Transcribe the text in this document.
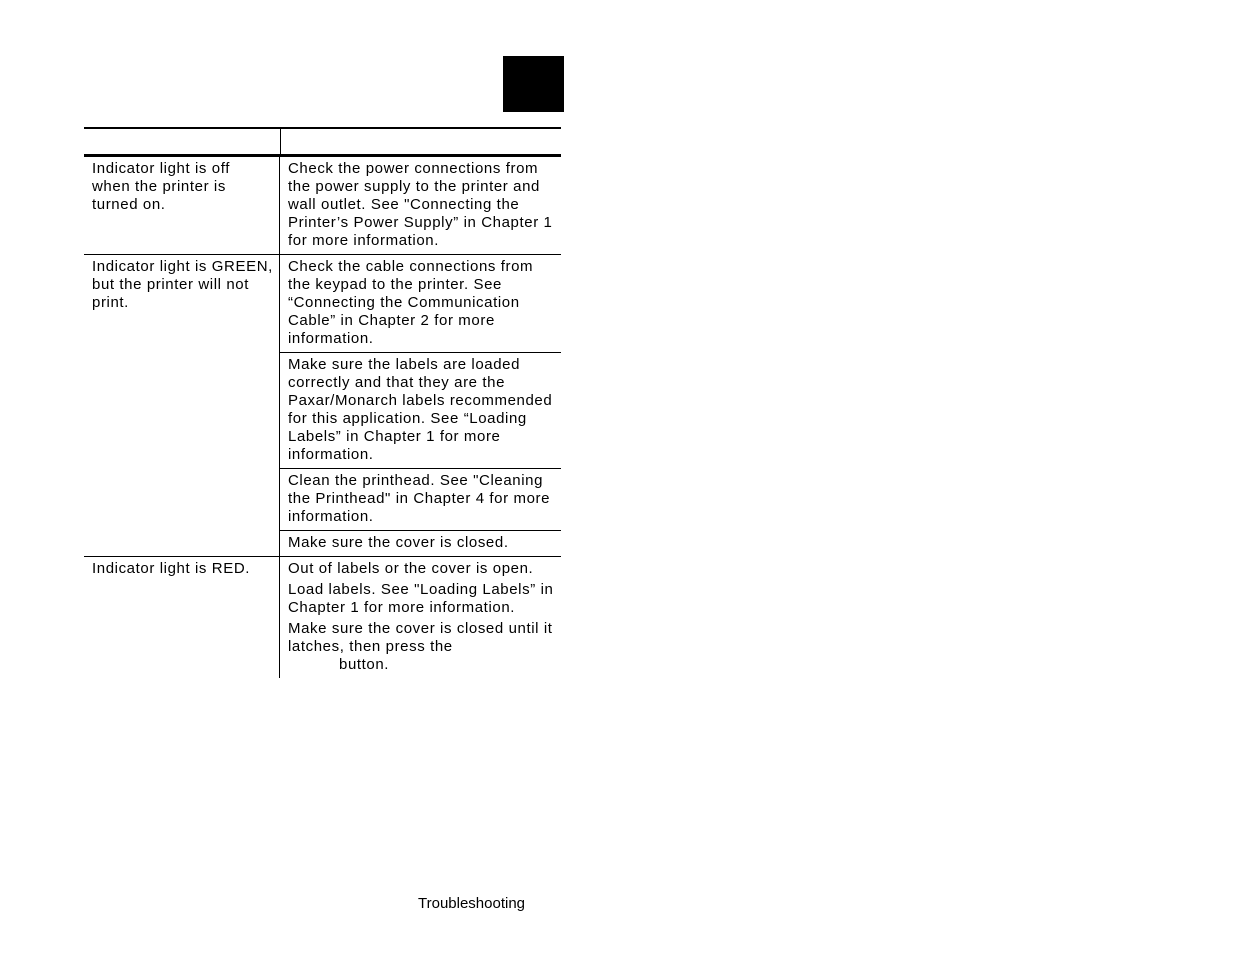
Indicator light is off when the printer is turned on.

Check the power connections from the power supply to the printer and wall outlet. See "Connecting the Printer’s Power Supply” in Chapter 1 for more information.

Indicator light is GREEN, but the printer will not print.

Check the cable connections from the keypad to the printer. See “Connecting the Communication Cable” in Chapter 2 for more information.

Make sure the labels are loaded correctly and that they are the Paxar/Monarch labels recommended for this application. See “Loading Labels” in Chapter 1 for more information.

Clean the printhead. See "Cleaning the Printhead" in Chapter 4 for more information.

Make sure the cover is closed.

Indicator light is RED.	Out of labels or the cover is open.

Load labels. See "Loading Labels” in Chapter 1 for more information.

Make sure the cover is closed until it latches, then press the
button.

Troubleshooting
